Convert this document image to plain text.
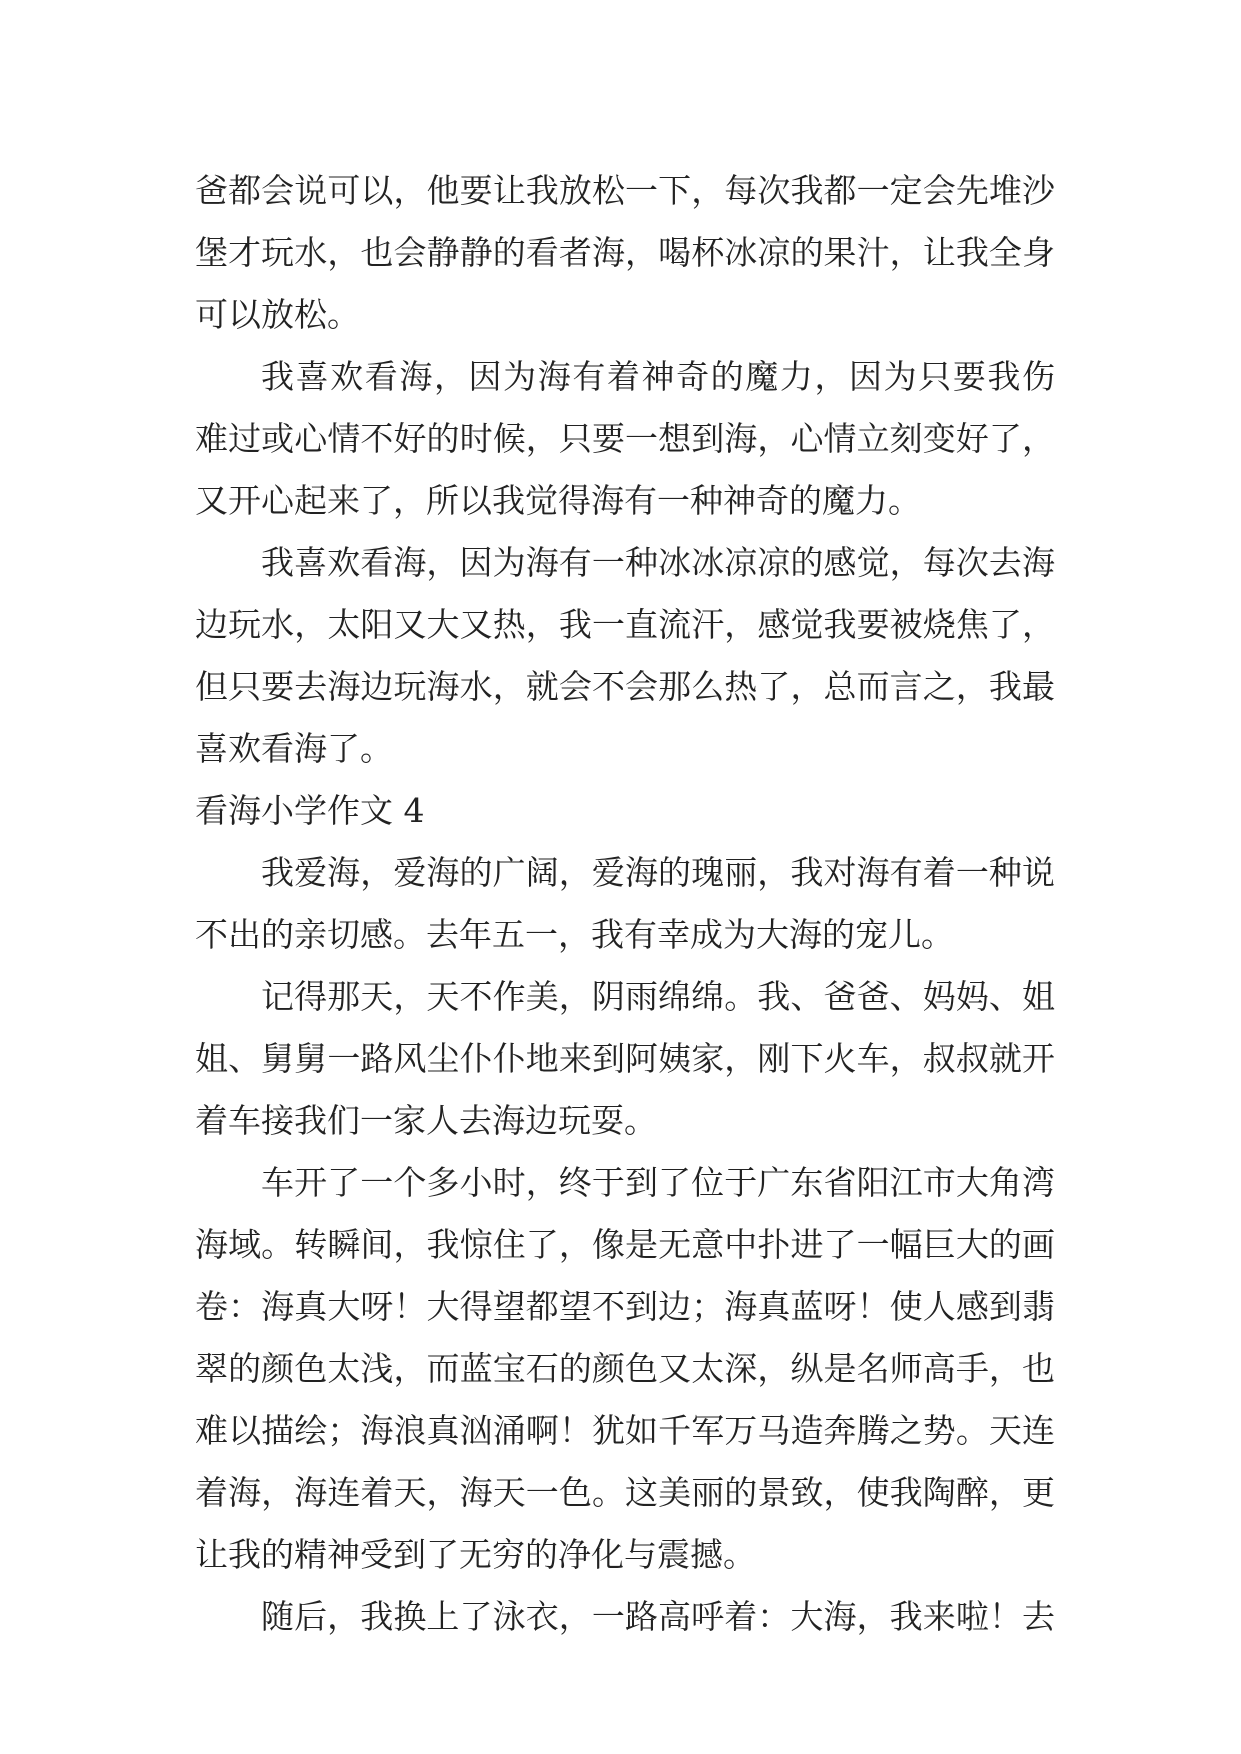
爸都会说可以，他要让我放松一下，每次我都一定会先堆沙
堡才玩水，也会静静的看者海，喝杯冰凉的果汁，让我全身
可以放松。
我喜欢看海，因为海有着神奇的魔力，因为只要我伤
难过或心情不好的时候，只要一想到海，心情立刻变好了，
又开心起来了，所以我觉得海有一种神奇的魔力。
我喜欢看海，因为海有一种冰冰凉凉的感觉，每次去海
边玩水，太阳又大又热，我一直流汗，感觉我要被烧焦了，
但只要去海边玩海水，就会不会那么热了，总而言之，我最
喜欢看海了。
看海小学作文 4
我爱海，爱海的广阔，爱海的瑰丽，我对海有着一种说
不出的亲切感。去年五一，我有幸成为大海的宠儿。
记得那天，天不作美，阴雨绵绵。我、爸爸、妈妈、姐
姐、舅舅一路风尘仆仆地来到阿姨家，刚下火车，叔叔就开
着车接我们一家人去海边玩耍。
车开了一个多小时，终于到了位于广东省阳江市大角湾
海域。转瞬间，我惊住了，像是无意中扑进了一幅巨大的画
卷：海真大呀！大得望都望不到边；海真蓝呀！使人感到翡
翠的颜色太浅，而蓝宝石的颜色又太深，纵是名师高手，也
难以描绘；海浪真汹涌啊！犹如千军万马造奔腾之势。天连
着海，海连着天，海天一色。这美丽的景致，使我陶醉，更
让我的精神受到了无穷的净化与震撼。
随后，我换上了泳衣，一路高呼着：大海，我来啦！去
